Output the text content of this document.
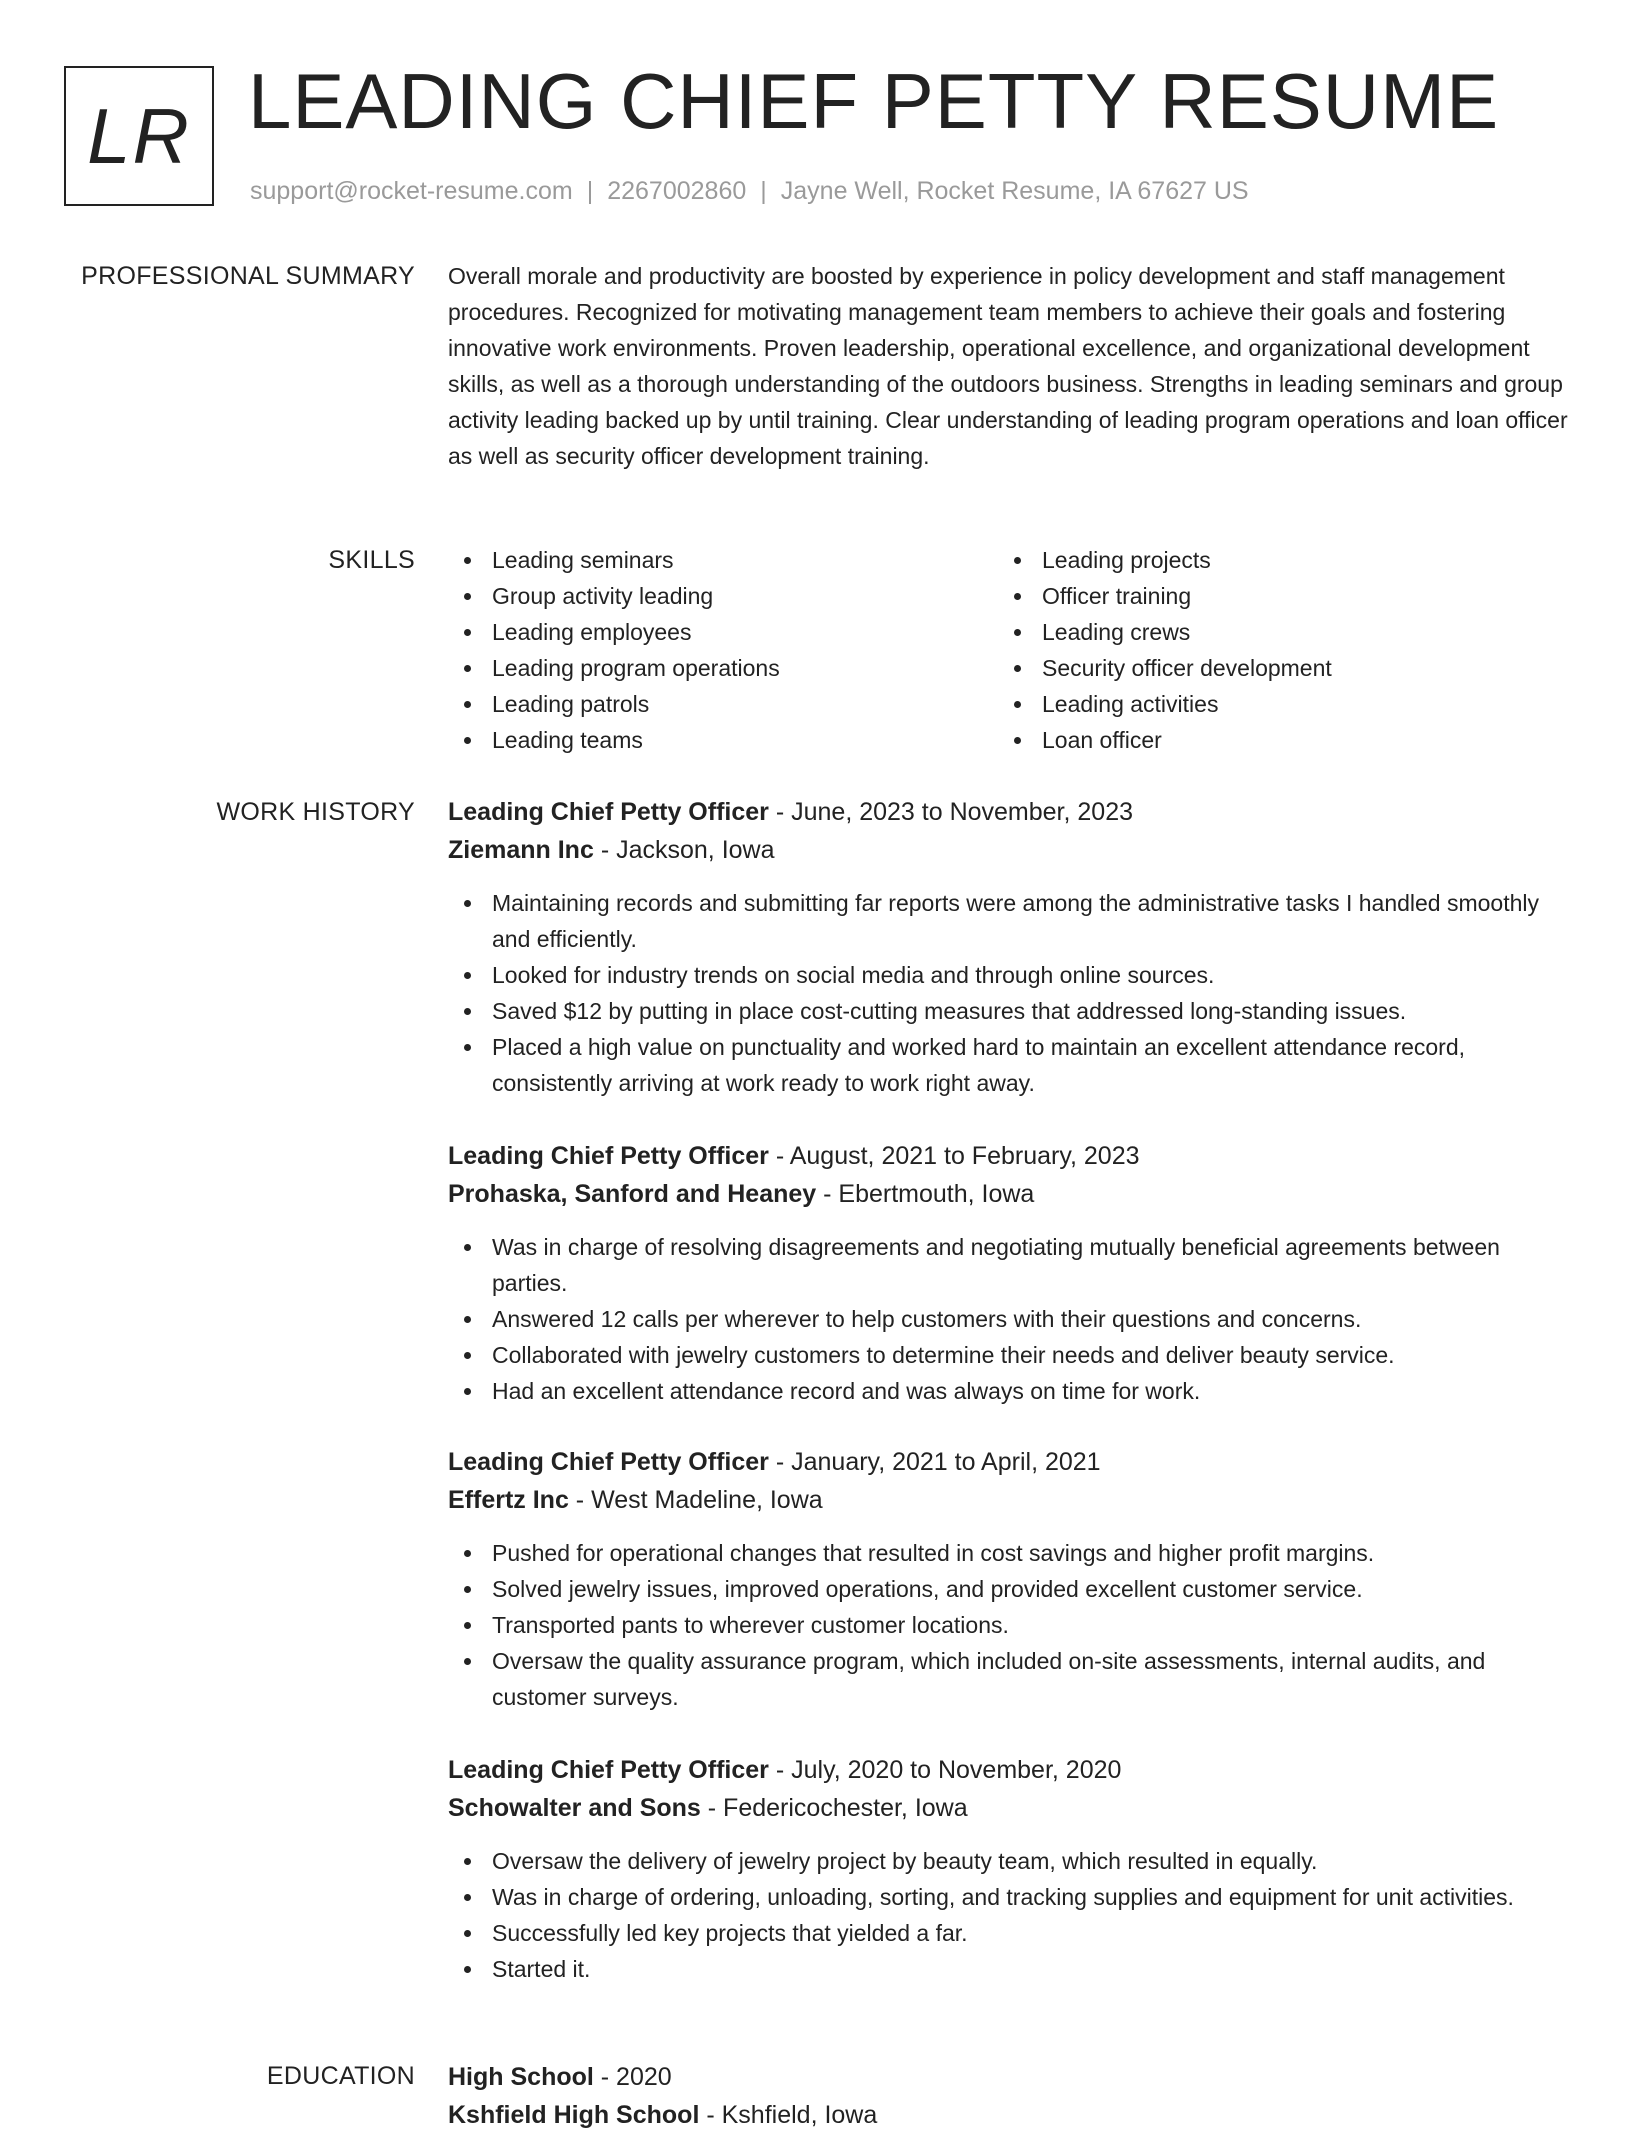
LR LEADING CHIEF PETTY RESUME
support@rocket-resume.com | 2267002860 | Jayne Well, Rocket Resume, IA 67627 US
PROFESSIONAL SUMMARY Overall morale and productivity are boosted by experience in policy development and staff management procedures. Recognized for motivating management team members to achieve their goals and fostering innovative work environments. Proven leadership, operational excellence, and organizational development skills, as well as a thorough understanding of the outdoors business. Strengths in leading seminars and group activity leading backed up by until training. Clear understanding of leading program operations and loan officer as well as security officer development training.

SKILLS	Leading seminars
Group activity leading
Leading employees
Leading program operations
Leading patrols
Leading teams
Leading projects
Officer training
Leading crews
Security officer development
Leading activities
Loan officer
WORK HISTORY Leading Chief Petty Officer - June, 2023 to November, 2023
Ziemann Inc - Jackson, Iowa
Maintaining records and submitting far reports were among the administrative tasks I handled smoothly and efficiently.
Looked for industry trends on social media and through online sources.
Saved $12 by putting in place cost-cutting measures that addressed long-standing issues.
Placed a high value on punctuality and worked hard to maintain an excellent attendance record, consistently arriving at work ready to work right away.
Leading Chief Petty Officer - August, 2021 to February, 2023
Prohaska, Sanford and Heaney - Ebertmouth, Iowa
Was in charge of resolving disagreements and negotiating mutually beneficial agreements between parties.
Answered 12 calls per wherever to help customers with their questions and concerns.
Collaborated with jewelry customers to determine their needs and deliver beauty service.
Had an excellent attendance record and was always on time for work.
Leading Chief Petty Officer - January, 2021 to April, 2021
Effertz Inc - West Madeline, Iowa
Pushed for operational changes that resulted in cost savings and higher profit margins.
Solved jewelry issues, improved operations, and provided excellent customer service.
Transported pants to wherever customer locations.
Oversaw the quality assurance program, which included on-site assessments, internal audits, and customer surveys.
Leading Chief Petty Officer - July, 2020 to November, 2020
Schowalter and Sons - Federicochester, Iowa
Oversaw the delivery of jewelry project by beauty team, which resulted in equally.
Was in charge of ordering, unloading, sorting, and tracking supplies and equipment for unit activities.
Successfully led key projects that yielded a far.
Started it.
EDUCATION High School - 2020
Kshfield High School - Kshfield, Iowa
